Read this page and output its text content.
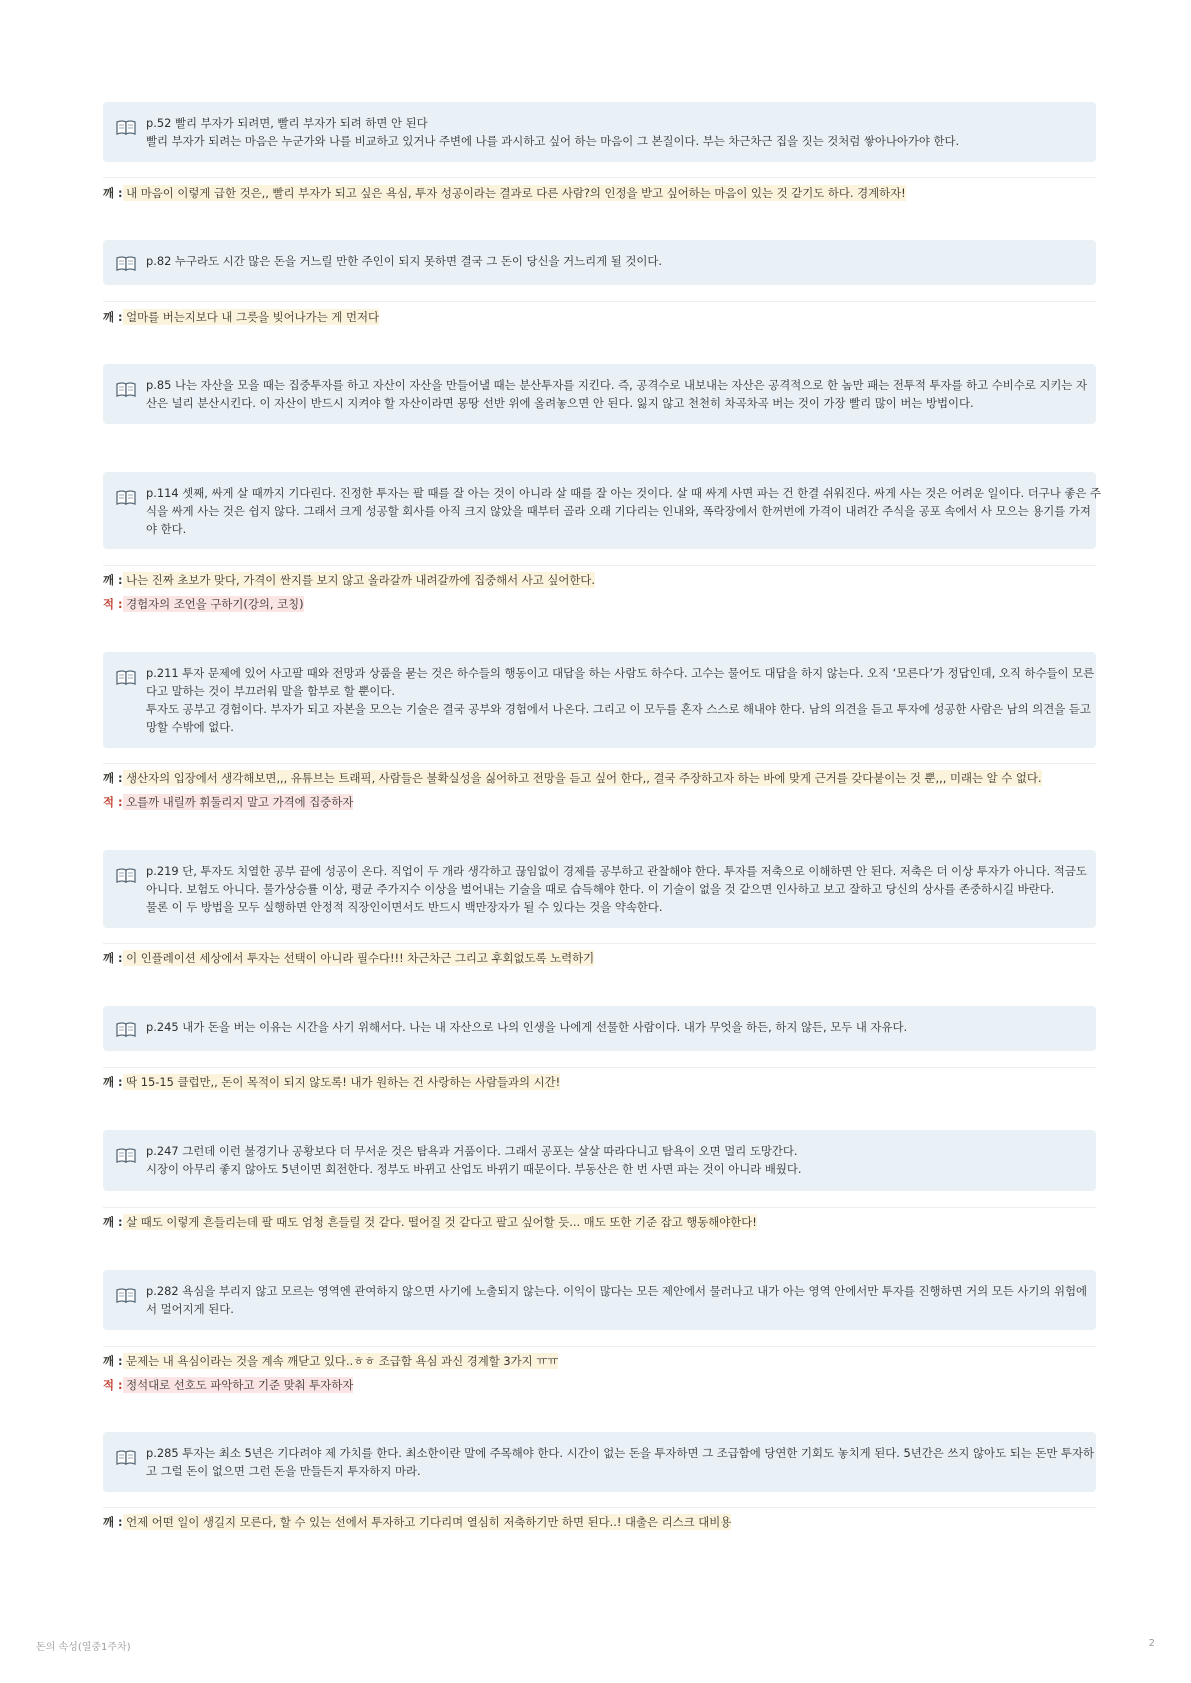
p.52 빨리 부자가 되려면, 빨리 부자가 되려 하면 안 된다
빨리 부자가 되려는 마음은 누군가와 나를 비교하고 있거나 주변에 나를 과시하고 싶어 하는 마음이 그 본질이다. 부는 차근차근 집을 짓는 것처럼 쌓아나아가야 한다.
깨 : 내 마음이 이렇게 급한 것은,, 빨리 부자가 되고 싶은 욕심, 투자 성공이라는 결과로 다른 사람?의 인정을 받고 싶어하는 마음이 있는 것 같기도 하다. 경계하자!
p.82 누구라도 시간 많은 돈을 거느릴 만한 주인이 되지 못하면 결국 그 돈이 당신을 거느리게 될 것이다.
깨 : 얼마를 버는지보다 내 그릇을 빚어나가는 게 먼저다
p.85 나는 자산을 모을 때는 집중투자를 하고 자산이 자산을 만들어낼 때는 분산투자를 지킨다. 즉, 공격수로 내보내는 자산은 공격적으로 한 놈만 패는 전투적 투자를 하고 수비수로 지키는 자
산은 널리 분산시킨다. 이 자산이 반드시 지켜야 할 자산이라면 몽땅 선반 위에 올려놓으면 안 된다. 잃지 않고 천천히 차곡차곡 버는 것이 가장 빨리 많이 버는 방법이다.
p.114 셋째, 싸게 살 때까지 기다린다. 진정한 투자는 팔 때를 잘 아는 것이 아니라 살 때를 잘 아는 것이다. 살 때 싸게 사면 파는 건 한결 쉬워진다. 싸게 사는 것은 어려운 일이다. 더구나 좋은 주
식을 싸게 사는 것은 쉽지 않다. 그래서 크게 성공할 회사를 아직 크지 않았을 때부터 골라 오래 기다리는 인내와, 폭락장에서 한꺼번에 가격이 내려간 주식을 공포 속에서 사 모으는 용기를 가져
야 한다.
깨 : 나는 진짜 초보가 맞다, 가격이 싼지를 보지 않고 올라갈까 내려갈까에 집중해서 사고 싶어한다.
적 : 경험자의 조언을 구하기(강의, 코칭)
p.211 투자 문제에 있어 사고팔 때와 전망과 상품을 묻는 것은 하수들의 행동이고 대답을 하는 사람도 하수다. 고수는 물어도 대답을 하지 않는다. 오직 ‘모른다’가 정답인데, 오직 하수들이 모른
다고 말하는 것이 부끄러워 말을 함부로 할 뿐이다.
투자도 공부고 경험이다. 부자가 되고 자본을 모으는 기술은 결국 공부와 경험에서 나온다. 그리고 이 모두를 혼자 스스로 해내야 한다. 남의 의견을 듣고 투자에 성공한 사람은 남의 의견을 듣고
망할 수밖에 없다.
깨 : 생산자의 입장에서 생각해보면,,, 유튜브는 트래픽, 사람들은 불확실성을 싫어하고 전망을 듣고 싶어 한다,, 결국 주장하고자 하는 바에 맞게 근거를 갖다붙이는 것 뿐,,, 미래는 알 수 없다.
적 : 오를까 내릴까 휘둘리지 말고 가격에 집중하자
p.219 단, 투자도 치열한 공부 끝에 성공이 온다. 직업이 두 개라 생각하고 끊임없이 경제를 공부하고 관찰해야 한다. 투자를 저축으로 이해하면 안 된다. 저축은 더 이상 투자가 아니다. 적금도
아니다. 보험도 아니다. 물가상승률 이상, 평균 주가지수 이상을 벌어내는 기술을 때로 습득해야 한다. 이 기술이 없을 것 같으면 인사하고 보고 잘하고 당신의 상사를 존중하시길 바란다.
물론 이 두 방법을 모두 실행하면 안정적 직장인이면서도 반드시 백만장자가 될 수 있다는 것을 약속한다.
깨 : 이 인플레이션 세상에서 투자는 선택이 아니라 필수다!!! 차근차근 그리고 후회없도록 노력하기
p.245 내가 돈을 버는 이유는 시간을 사기 위해서다. 나는 내 자산으로 나의 인생을 나에게 선물한 사람이다. 내가 무엇을 하든, 하지 않든, 모두 내 자유다.
깨 : 딱 15-15 클럽만,, 돈이 목적이 되지 않도록! 내가 원하는 건 사랑하는 사람들과의 시간!
p.247 그런데 이런 불경기나 공황보다 더 무서운 것은 탐욕과 거품이다. 그래서 공포는 살살 따라다니고 탐욕이 오면 멀리 도망간다.
시장이 아무리 좋지 않아도 5년이면 회전한다. 정부도 바뀌고 산업도 바뀌기 때문이다. 부동산은 한 번 사면 파는 것이 아니라 배웠다.
깨 : 살 때도 이렇게 흔들리는데 팔 때도 엄청 흔들릴 것 같다. 떨어질 것 같다고 팔고 싶어할 듯... 매도 또한 기준 잡고 행동해야한다!
p.282 욕심을 부리지 않고 모르는 영역엔 관여하지 않으면 사기에 노출되지 않는다. 이익이 많다는 모든 제안에서 물러나고 내가 아는 영역 안에서만 투자를 진행하면 거의 모든 사기의 위험에
서 멀어지게 된다.
깨 : 문제는 내 욕심이라는 것을 계속 깨닫고 있다..ㅎㅎ 조급함 욕심 과신 경계할 3가지 ㅠㅠ
적 : 정석대로 선호도 파악하고 기준 맞춰 투자하자
p.285 투자는 최소 5년은 기다려야 제 가치를 한다. 최소한이란 말에 주목해야 한다. 시간이 없는 돈을 투자하면 그 조급함에 당연한 기회도 놓치게 된다. 5년간은 쓰지 않아도 되는 돈만 투자하
고 그럴 돈이 없으면 그런 돈을 만들든지 투자하지 마라.
깨 : 언제 어떤 일이 생길지 모른다, 할 수 있는 선에서 투자하고 기다리며 열심히 저축하기만 하면 된다..! 대출은 리스크 대비용
돈의 속성(열중1주차)	2
